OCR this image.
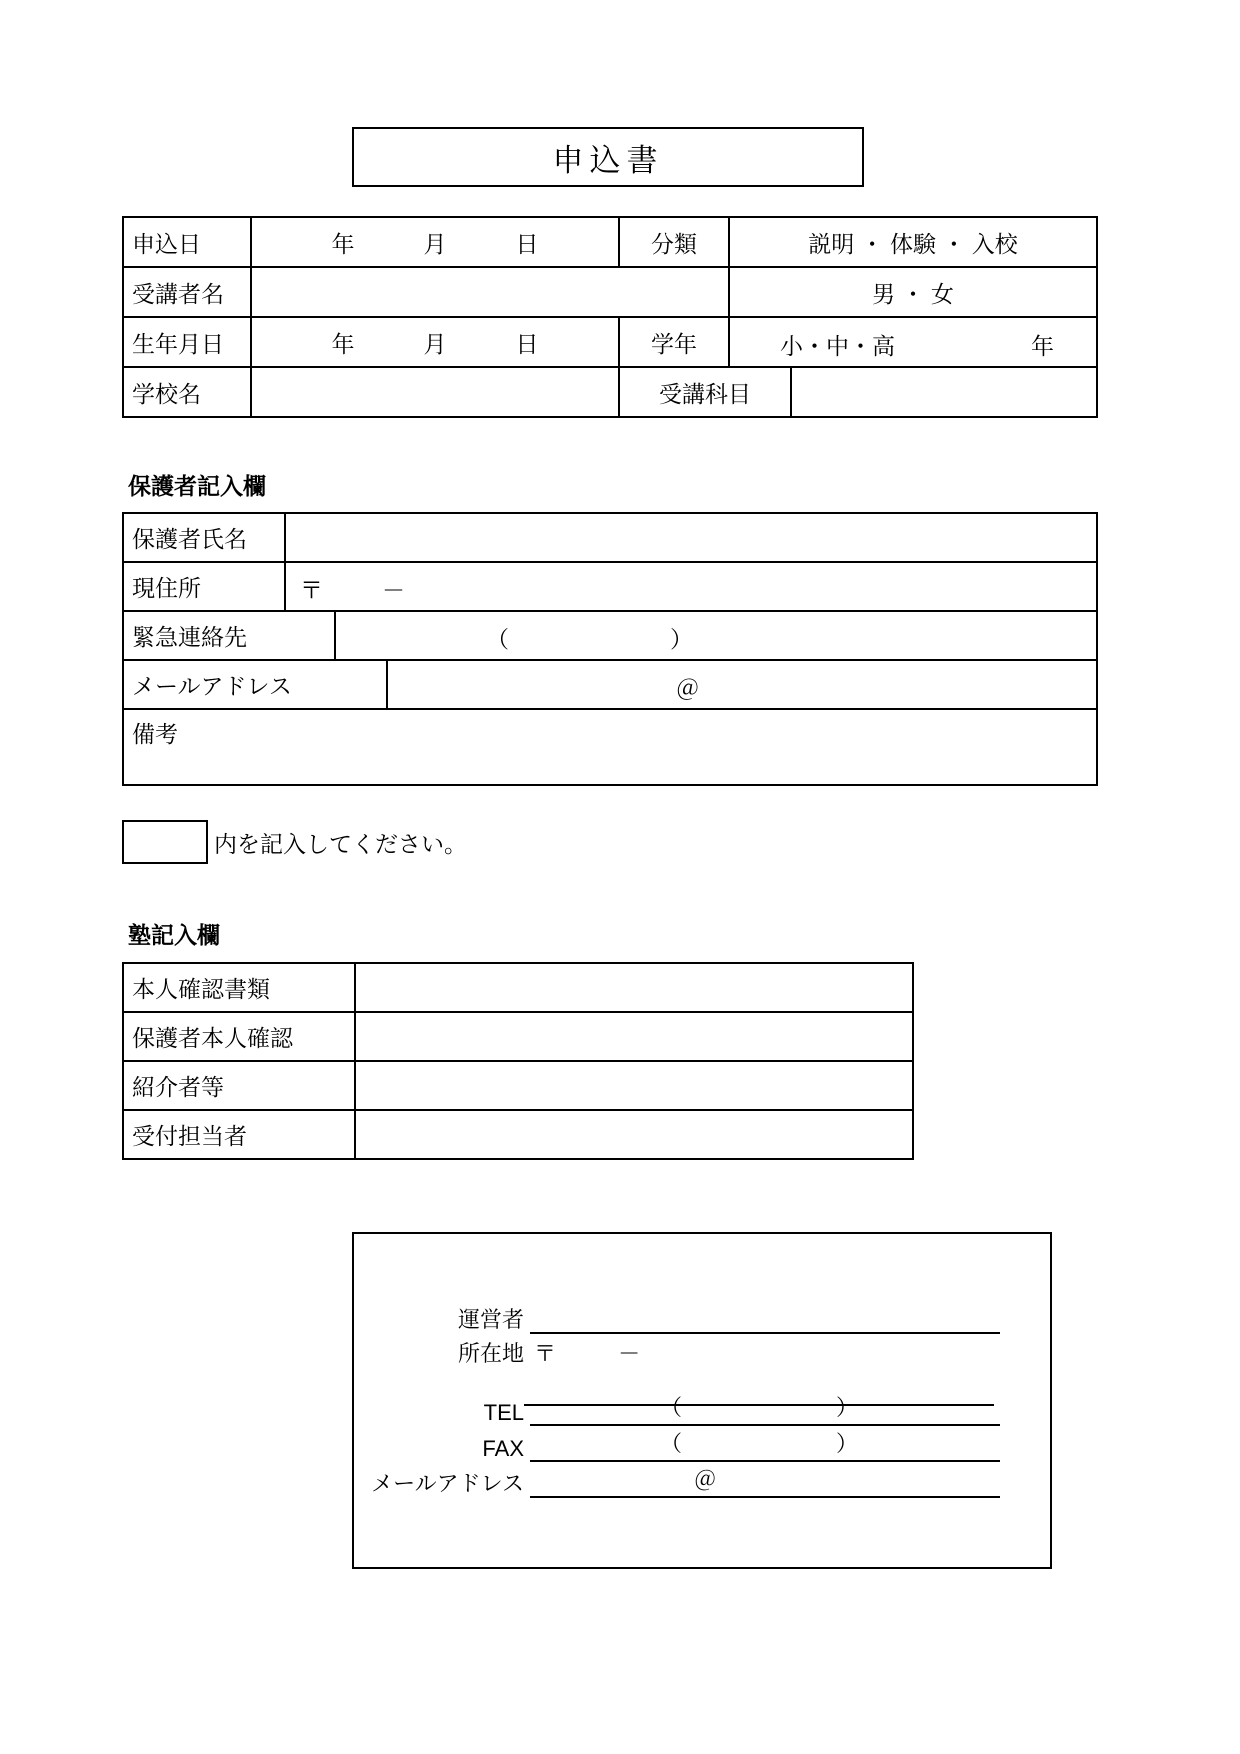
申込書
申込日	年　　　月　　　日	分類	説明 ・ 体験 ・ 入校	
受講者名			男 ・ 女	
生年月日	年　　　月　　　日	学年	小・中・高 年	

学校名		受講科目		
保護者記入欄
保護者氏名			
現住所	〒 －		

緊急連絡先		（　　　　　　　）	

メールアドレス			＠

備考			
内を記入してください。
塾記入欄
本人確認書類	
保護者本人確認	
紹介者等	
受付担当者	
運営者
所在地 〒	－
TEL	（　　　　　　　）
FAX	（　　　　　　　）
メールアドレス	＠
